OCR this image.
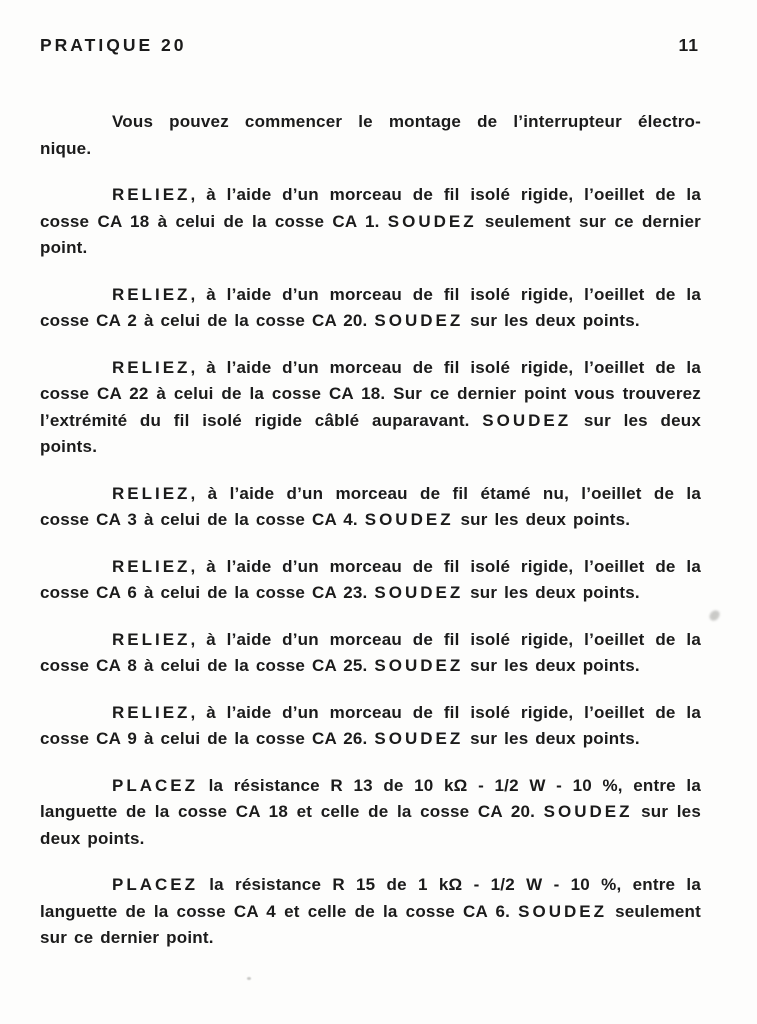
PRATIQUE 20	11
Vous pouvez commencer le montage de l’interrupteur électro-
nique.
RELIEZ, à l’aide d’un morceau de fil isolé rigide, l’oeillet de la
cosse CA 18 à celui de la cosse CA 1. SOUDEZ seulement sur ce dernier
point.
RELIEZ, à l’aide d’un morceau de fil isolé rigide, l’oeillet de la
cosse CA 2 à celui de la cosse CA 20. SOUDEZ sur les deux points.
RELIEZ, à l’aide d’un morceau de fil isolé rigide, l’oeillet de la
cosse CA 22 à celui de la cosse CA 18. Sur ce dernier point vous trouverez
l’extrémité du fil isolé rigide câblé auparavant. SOUDEZ sur les deux
points.
RELIEZ, à l’aide d’un morceau de fil étamé nu, l’oeillet de la
cosse CA 3 à celui de la cosse CA 4. SOUDEZ sur les deux points.
RELIEZ, à l’aide d’un morceau de fil isolé rigide, l’oeillet de la
cosse CA 6 à celui de la cosse CA 23. SOUDEZ sur les deux points.
RELIEZ, à l’aide d’un morceau de fil isolé rigide, l’oeillet de la
cosse CA 8 à celui de la cosse CA 25. SOUDEZ sur les deux points.
RELIEZ, à l’aide d’un morceau de fil isolé rigide, l’oeillet de la
cosse CA 9 à celui de la cosse CA 26. SOUDEZ sur les deux points.
PLACEZ la résistance R 13 de 10 kΩ - 1/2 W - 10 %, entre la
languette de la cosse CA 18 et celle de la cosse CA 20. SOUDEZ sur les
deux points.
PLACEZ la résistance R 15 de 1 kΩ - 1/2 W - 10 %, entre la
languette de la cosse CA 4 et celle de la cosse CA 6. SOUDEZ seulement
sur ce dernier point.
